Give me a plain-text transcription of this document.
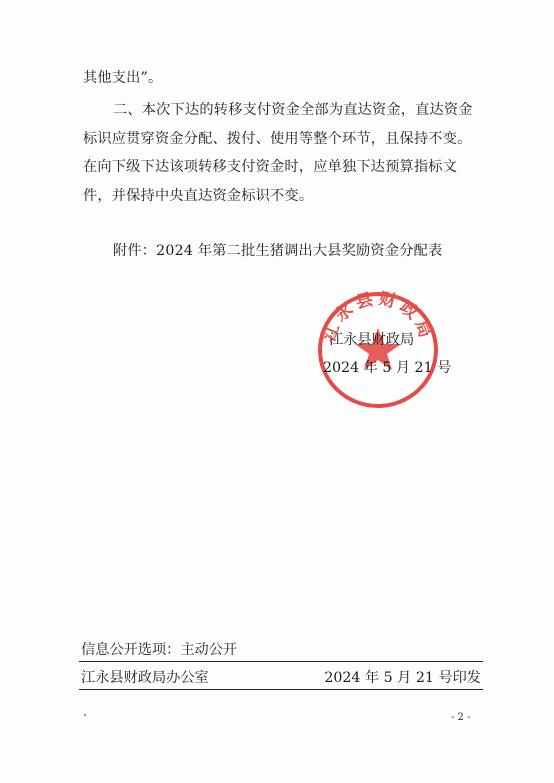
其他支出”。

二、本次下达的转移支付资金全部为直达资金，直达资金标识应贯穿资金分配、拨付、使用等整个环节，且保持不变。在向下级下达该项转移支付资金时，应单独下达预算指标文件，并保持中央直达资金标识不变。

附件：2024 年第二批生猪调出大县奖励资金分配表

江永县财政局
江永县财政局
2024 年 5 月 21 号
信息公开选项：主动公开
江永县财政局办公室	2024 年 5 月 21 号印发
- 2 -
